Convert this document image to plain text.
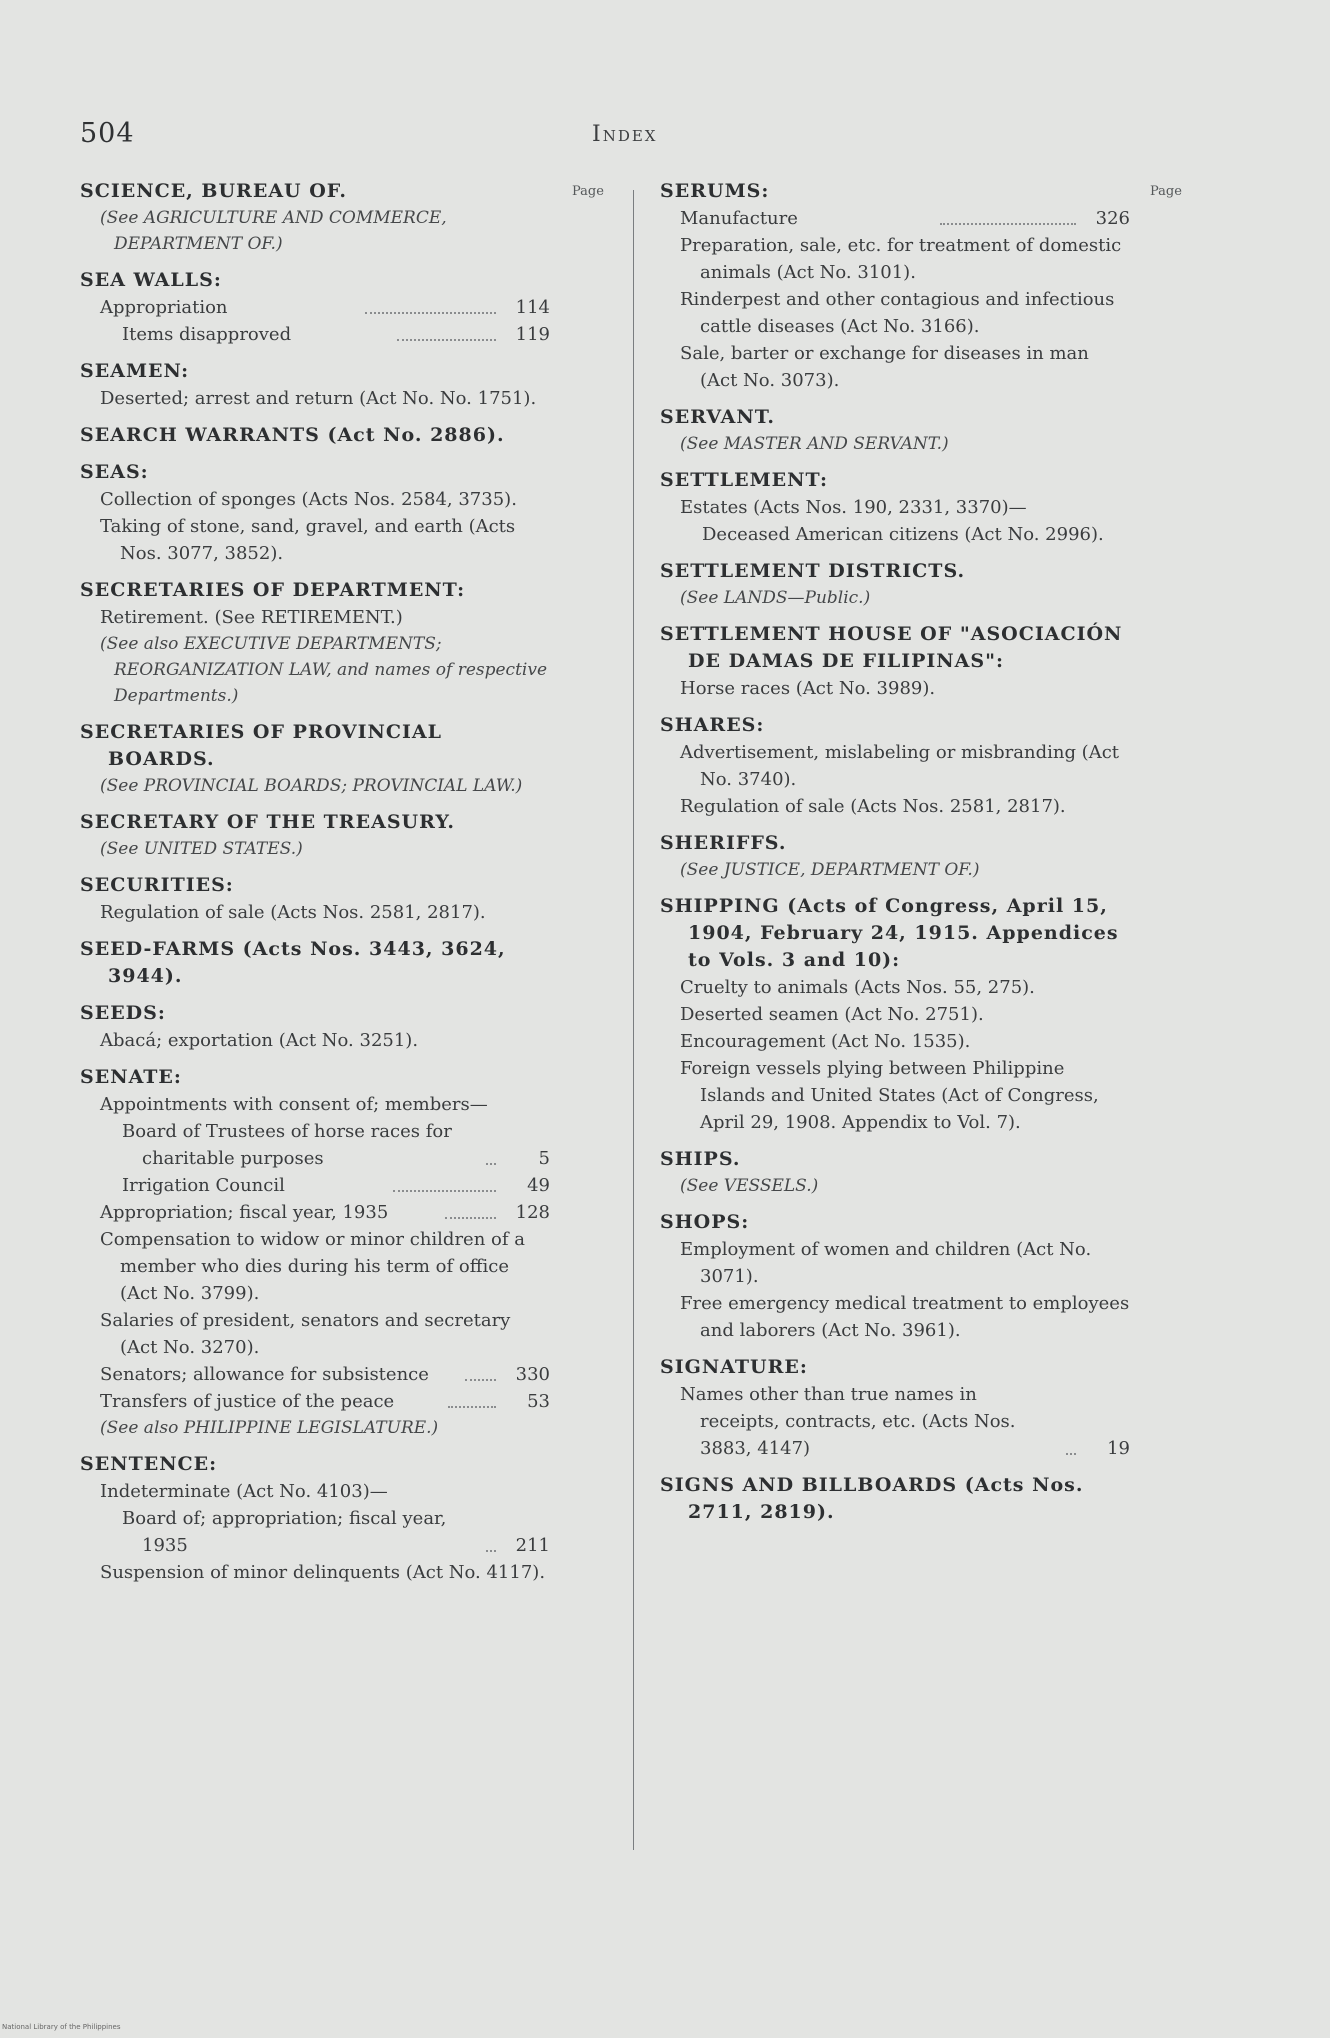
504	Index
Page	Page
SCIENCE, BUREAU OF.
(See AGRICULTURE AND COMMERCE, DEPARTMENT OF.)
SEA WALLS:
Appropriation	114
Items disapproved	119
SEAMEN:
Deserted; arrest and return (Act No. No. 1751).
SEARCH WARRANTS (Act No. 2886).
SEAS:
Collection of sponges (Acts Nos. 2584, 3735).
Taking of stone, sand, gravel, and earth (Acts Nos. 3077, 3852).
SECRETARIES OF DEPARTMENT:
Retirement. (See RETIREMENT.)
(See also EXECUTIVE DEPARTMENTS; REORGANIZATION LAW, and names of respective Departments.)
SECRETARIES OF PROVINCIAL BOARDS.
(See PROVINCIAL BOARDS; PROVINCIAL LAW.)
SECRETARY OF THE TREASURY.
(See UNITED STATES.)
SECURITIES:
Regulation of sale (Acts Nos. 2581, 2817).
SEED-FARMS (Acts Nos. 3443, 3624, 3944).
SEEDS:
Abacá; exportation (Act No. 3251).
SENATE:
Appointments with consent of; members—
Board of Trustees of horse races for charitable purposes	5
Irrigation Council	49
Appropriation; fiscal year, 1935	128
Compensation to widow or minor children of a member who dies during his term of office (Act No. 3799).
Salaries of president, senators and secretary (Act No. 3270).
Senators; allowance for subsistence	330
Transfers of justice of the peace	53
(See also PHILIPPINE LEGISLATURE.)
SENTENCE:
Indeterminate (Act No. 4103)—
Board of; appropriation; fiscal year, 1935	211
Suspension of minor delinquents (Act No. 4117).
SERUMS:
Manufacture	326
Preparation, sale, etc. for treatment of domestic animals (Act No. 3101).
Rinderpest and other contagious and infectious cattle diseases (Act No. 3166).
Sale, barter or exchange for diseases in man (Act No. 3073).
SERVANT.
(See MASTER AND SERVANT.)
SETTLEMENT:
Estates (Acts Nos. 190, 2331, 3370)—
Deceased American citizens (Act No. 2996).
SETTLEMENT DISTRICTS.
(See LANDS—Public.)
SETTLEMENT HOUSE OF "ASOCIACIÓN DE DAMAS DE FILIPINAS":
Horse races (Act No. 3989).
SHARES:
Advertisement, mislabeling or misbranding (Act No. 3740).
Regulation of sale (Acts Nos. 2581, 2817).
SHERIFFS.
(See JUSTICE, DEPARTMENT OF.)
SHIPPING (Acts of Congress, April 15, 1904, February 24, 1915. Appendices to Vols. 3 and 10):
Cruelty to animals (Acts Nos. 55, 275).
Deserted seamen (Act No. 2751).
Encouragement (Act No. 1535).
Foreign vessels plying between Philippine Islands and United States (Act of Congress, April 29, 1908. Appendix to Vol. 7).
SHIPS.
(See VESSELS.)
SHOPS:
Employment of women and children (Act No. 3071).
Free emergency medical treatment to employees and laborers (Act No. 3961).
SIGNATURE:
Names other than true names in receipts, contracts, etc. (Acts Nos. 3883, 4147)	19
SIGNS AND BILLBOARDS (Acts Nos. 2711, 2819).
National Library of the Philippines
